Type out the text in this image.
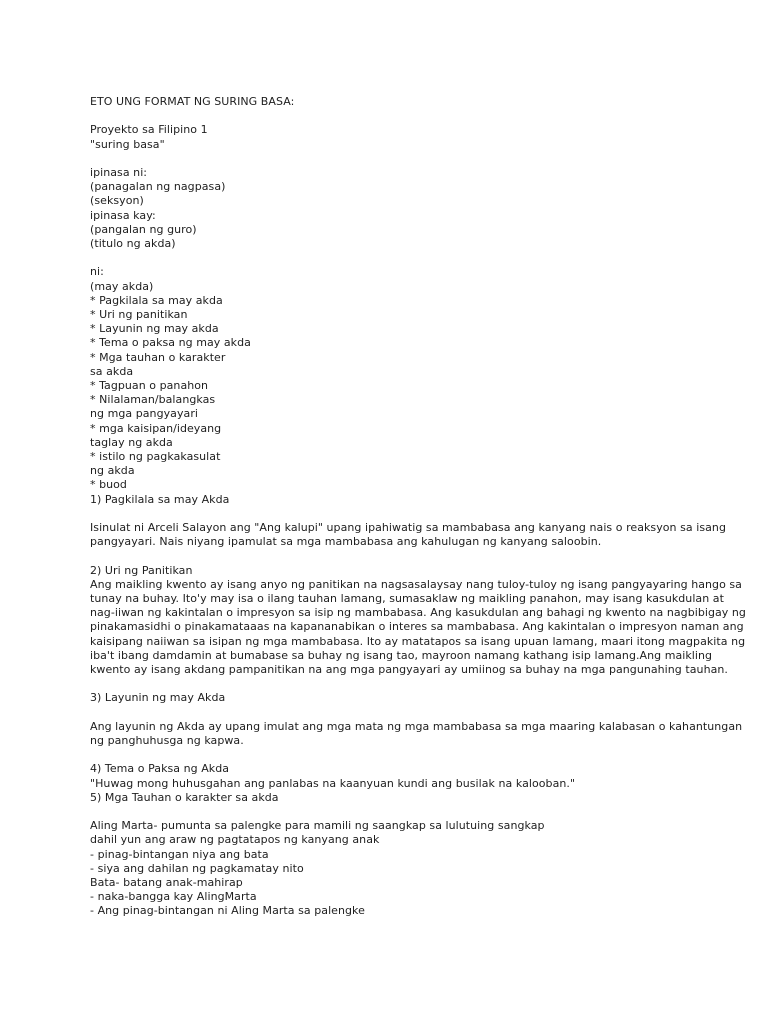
ETO UNG FORMAT NG SURING BASA:
Proyekto sa Filipino 1
"suring basa"
ipinasa ni:
(panagalan ng nagpasa)
(seksyon)
ipinasa kay:
(pangalan ng guro)
(titulo ng akda)
ni:
(may akda)
* Pagkilala sa may akda
* Uri ng panitikan
* Layunin ng may akda
* Tema o paksa ng may akda
* Mga tauhan o karakter
sa akda
* Tagpuan o panahon
* Nilalaman/balangkas
ng mga pangyayari
* mga kaisipan/ideyang
taglay ng akda
* istilo ng pagkakasulat
ng akda
* buod
1) Pagkilala sa may Akda
Isinulat ni Arceli Salayon ang "Ang kalupi" upang ipahiwatig sa mambabasa ang kanyang nais o reaksyon sa isang
pangyayari. Nais niyang ipamulat sa mga mambabasa ang kahulugan ng kanyang saloobin.
2) Uri ng Panitikan
Ang maikling kwento ay isang anyo ng panitikan na nagsasalaysay nang tuloy-tuloy ng isang pangyayaring hango sa
tunay na buhay. Ito'y may isa o ilang tauhan lamang, sumasaklaw ng maikling panahon, may isang kasukdulan at
nag-iiwan ng kakintalan o impresyon sa isip ng mambabasa. Ang kasukdulan ang bahagi ng kwento na nagbibigay ng
pinakamasidhi o pinakamataaas na kapananabikan o interes sa mambabasa. Ang kakintalan o impresyon naman ang
kaisipang naiiwan sa isipan ng mga mambabasa. Ito ay matatapos sa isang upuan lamang, maari itong magpakita ng
iba't ibang damdamin at bumabase sa buhay ng isang tao, mayroon namang kathang isip lamang.Ang maikling
kwento ay isang akdang pampanitikan na ang mga pangyayari ay umiinog sa buhay na mga pangunahing tauhan.
3) Layunin ng may Akda
Ang layunin ng Akda ay upang imulat ang mga mata ng mga mambabasa sa mga maaring kalabasan o kahantungan
ng panghuhusga ng kapwa.
4) Tema o Paksa ng Akda
"Huwag mong huhusgahan ang panlabas na kaanyuan kundi ang busilak na kalooban."
5) Mga Tauhan o karakter sa akda
Aling Marta- pumunta sa palengke para mamili ng saangkap sa lulutuing sangkap
dahil yun ang araw ng pagtatapos ng kanyang anak
- pinag-bintangan niya ang bata
- siya ang dahilan ng pagkamatay nito
Bata- batang anak-mahirap
- naka-bangga kay AlingMarta
- Ang pinag-bintangan ni Aling Marta sa palengke
